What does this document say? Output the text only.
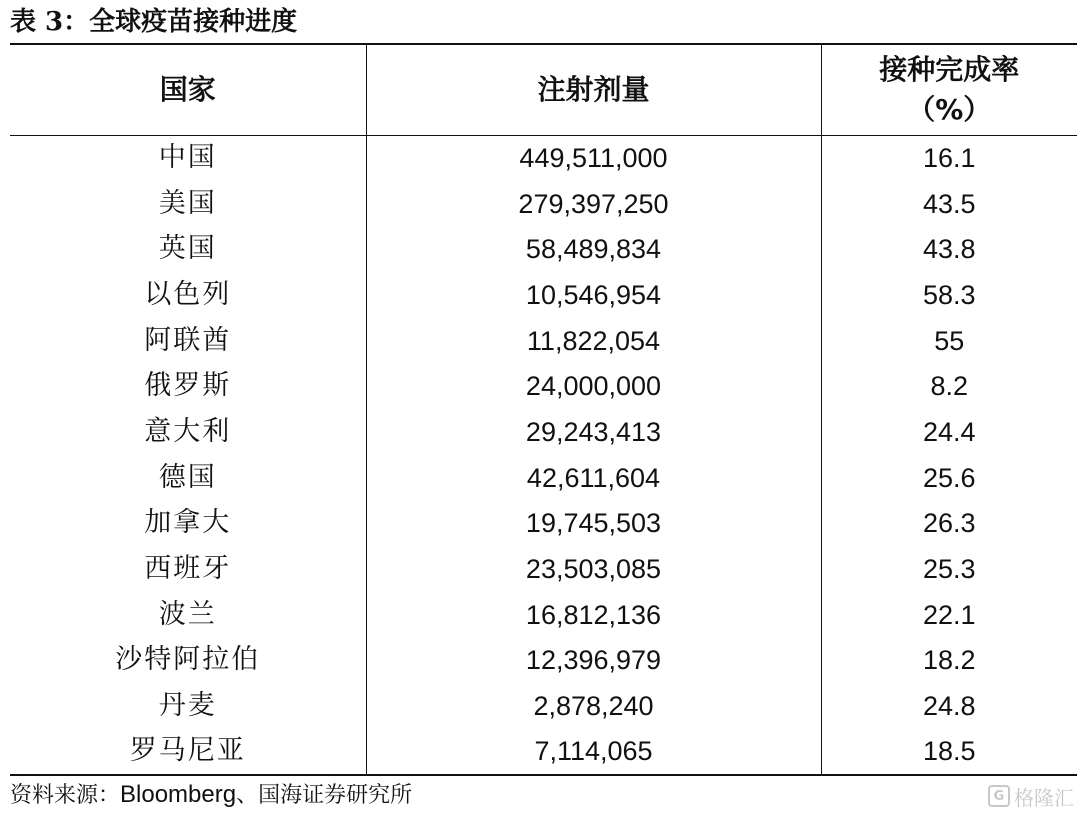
表 3：全球疫苗接种进度
国家	注射剂量	接种完成率
（%）

中国	449,511,000	16.1
美国	279,397,250	43.5
英国	58,489,834	43.8
以色列	10,546,954	58.3
阿联酋	11,822,054	55
俄罗斯	24,000,000	8.2
意大利	29,243,413	24.4
德国	42,611,604	25.6
加拿大	19,745,503	26.3
西班牙	23,503,085	25.3
波兰	16,812,136	22.1
沙特阿拉伯	12,396,979	18.2
丹麦	2,878,240	24.8
罗马尼亚	7,114,065	18.5
资料来源：Bloomberg、国海证券研究所	G 格隆汇
